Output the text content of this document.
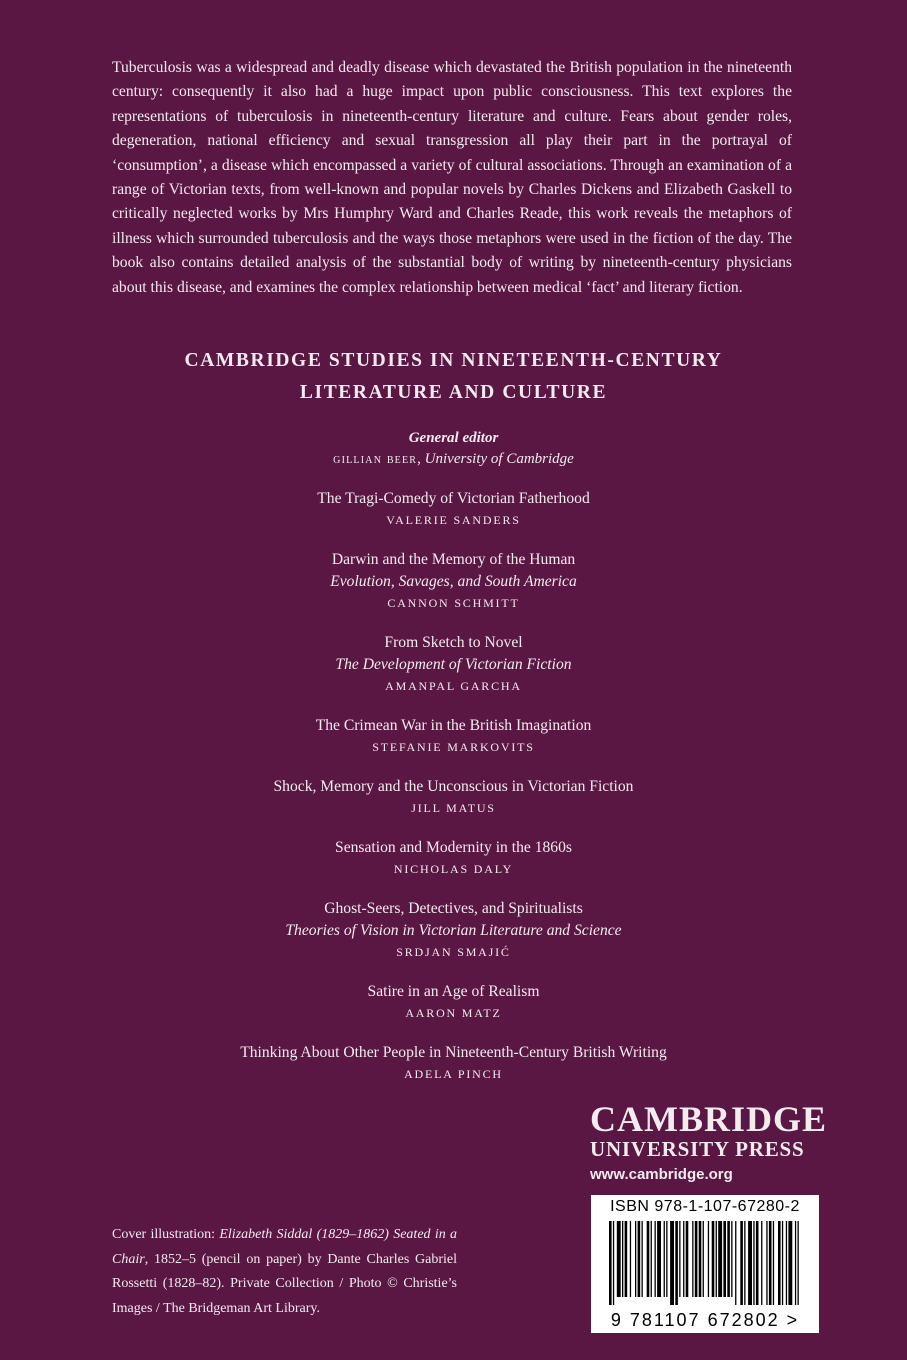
Tuberculosis was a widespread and deadly disease which devastated the British population in the nineteenth century: consequently it also had a huge impact upon public consciousness. This text explores the representations of tuberculosis in nineteenth-century literature and culture. Fears about gender roles, degeneration, national efficiency and sexual transgression all play their part in the portrayal of ‘consumption’, a disease which encompassed a variety of cultural associations. Through an examination of a range of Victorian texts, from well-known and popular novels by Charles Dickens and Elizabeth Gaskell to critically neglected works by Mrs Humphry Ward and Charles Reade, this work reveals the metaphors of illness which surrounded tuberculosis and the ways those metaphors were used in the fiction of the day. The book also contains detailed analysis of the substantial body of writing by nineteenth-century physicians about this disease, and examines the complex relationship between medical ‘fact’ and literary fiction.
CAMBRIDGE STUDIES IN NINETEENTH-CENTURY
LITERATURE AND CULTURE
General editor
gillian beer, University of Cambridge
The Tragi-Comedy of Victorian Fatherhood
VALERIE SANDERS
Darwin and the Memory of the Human
Evolution, Savages, and South America
CANNON SCHMITT
From Sketch to Novel
The Development of Victorian Fiction
AMANPAL GARCHA
The Crimean War in the British Imagination
STEFANIE MARKOVITS
Shock, Memory and the Unconscious in Victorian Fiction
JILL MATUS
Sensation and Modernity in the 1860s
NICHOLAS DALY
Ghost-Seers, Detectives, and Spiritualists
Theories of Vision in Victorian Literature and Science
SRDJAN SMAJIĆ
Satire in an Age of Realism
AARON MATZ
Thinking About Other People in Nineteenth-Century British Writing
ADELA PINCH
CAMBRIDGE
UNIVERSITY PRESS
www.cambridge.org
Cover illustration: Elizabeth Siddal (1829–1862) Seated in a Chair, 1852–5 (pencil on paper) by Dante Charles Gabriel Rossetti (1828–82). Private Collection / Photo © Christie’s Images / The Bridgeman Art Library.
ISBN 978-1-107-67280-2
9 781107 672802 >
